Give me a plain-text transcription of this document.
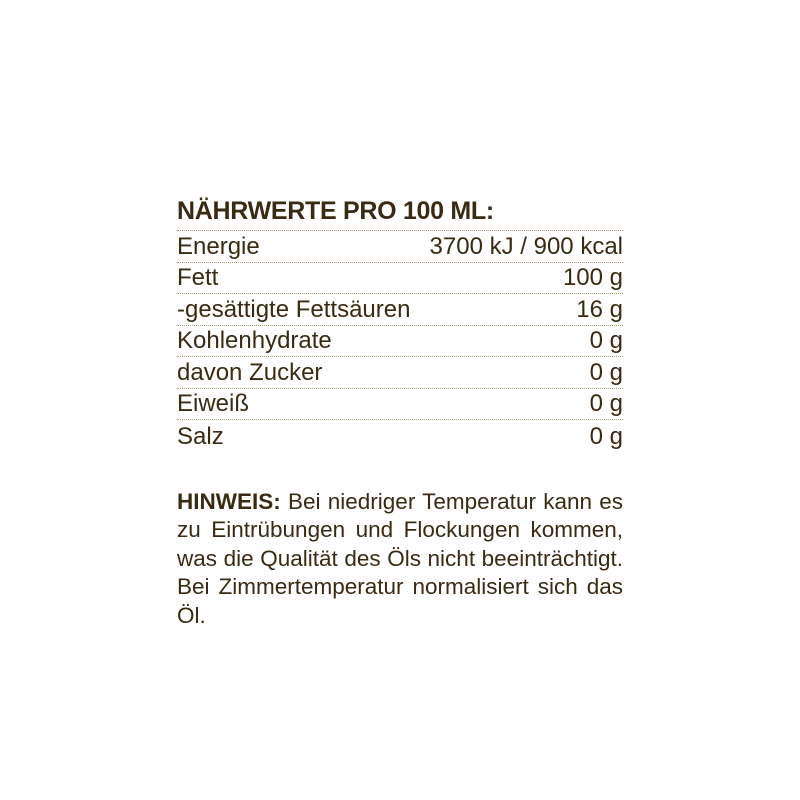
NÄHRWERTE PRO 100 ML:
Energie	3700 kJ / 900 kcal
Fett	100 g
-gesättigte Fettsäuren	16 g
Kohlenhydrate	0 g
davon Zucker	0 g
Eiweiß	0 g
Salz	0 g

HINWEIS: Bei niedriger Temperatur kann es zu Eintrübungen und Flockungen kommen, was die Qualität des Öls nicht beeinträchtigt. Bei Zimmertemperatur normalisiert sich das Öl.
